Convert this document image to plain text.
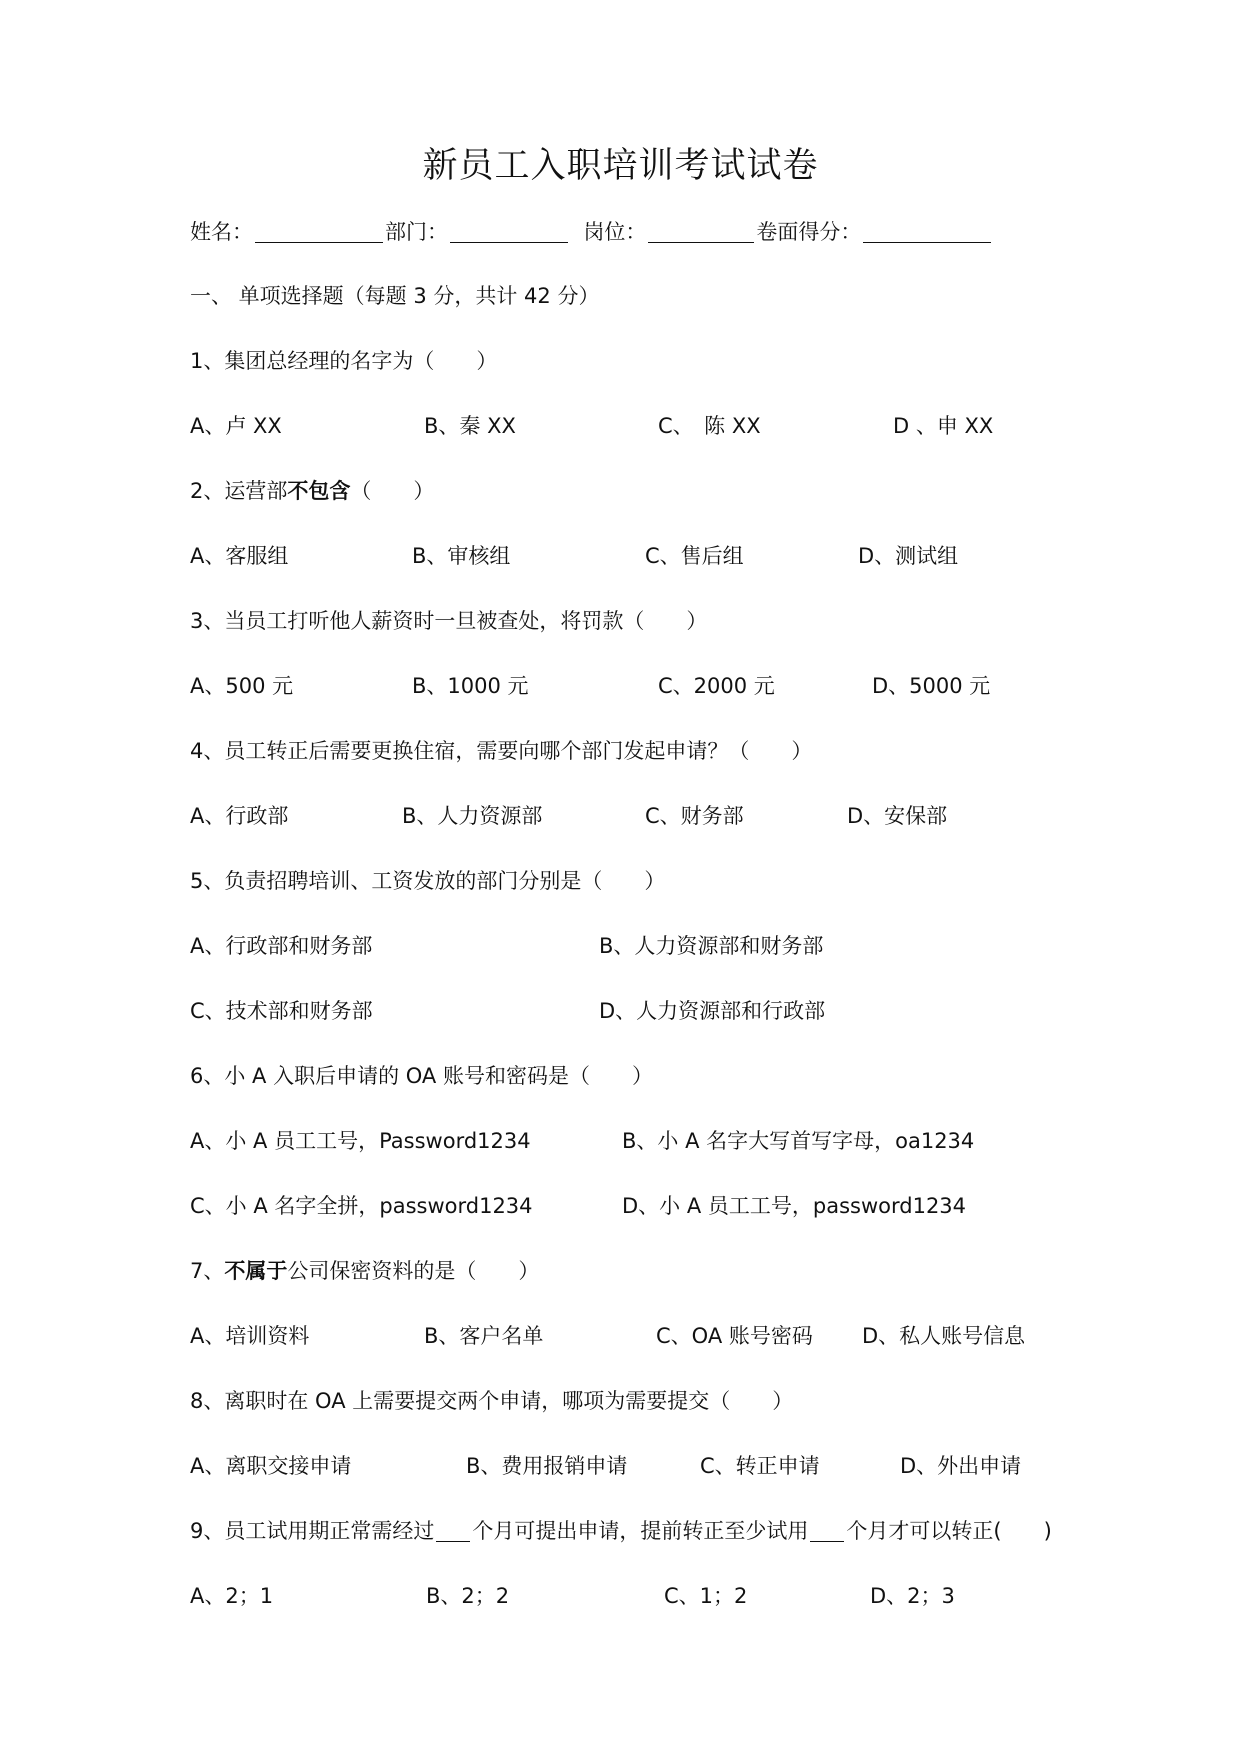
新员工入职培训考试试卷
姓名：	部门：	岗位：	卷面得分：
一、 单项选择题（每题 3 分，共计 42 分）
1、集团总经理的名字为（　　）
A、卢 XX	B、秦 XX	C、　陈 XX	D 、申 XX
2、运营部不包含（　　）
A、客服组	B、审核组	C、售后组	D、测试组
3、当员工打听他人薪资时一旦被查处，将罚款（　　）
A、500 元	B、1000 元	C、2000 元	D、5000 元
4、员工转正后需要更换住宿，需要向哪个部门发起申请？（　　）
A、行政部	B、人力资源部	C、财务部	D、安保部
5、负责招聘培训、工资发放的部门分别是（　　）
A、行政部和财务部	B、人力资源部和财务部
C、技术部和财务部	D、人力资源部和行政部
6、小 A 入职后申请的 OA 账号和密码是（　　）
A、小 A 员工工号，Password1234	B、小 A 名字大写首写字母，oa1234
C、小 A 名字全拼，password1234	D、小 A 员工工号，password1234
7、不属于公司保密资料的是（　　）
A、培训资料	B、客户名单	C、OA 账号密码 D、私人账号信息
8、离职时在 OA 上需要提交两个申请，哪项为需要提交（　　）
A、离职交接申请	B、费用报销申请	C、转正申请	D、外出申请
9、员工试用期正常需经过 个月可提出申请，提前转正至少试用 个月才可以转正(　　)
A、2；1	B、2；2	C、1；2	D、2；3
